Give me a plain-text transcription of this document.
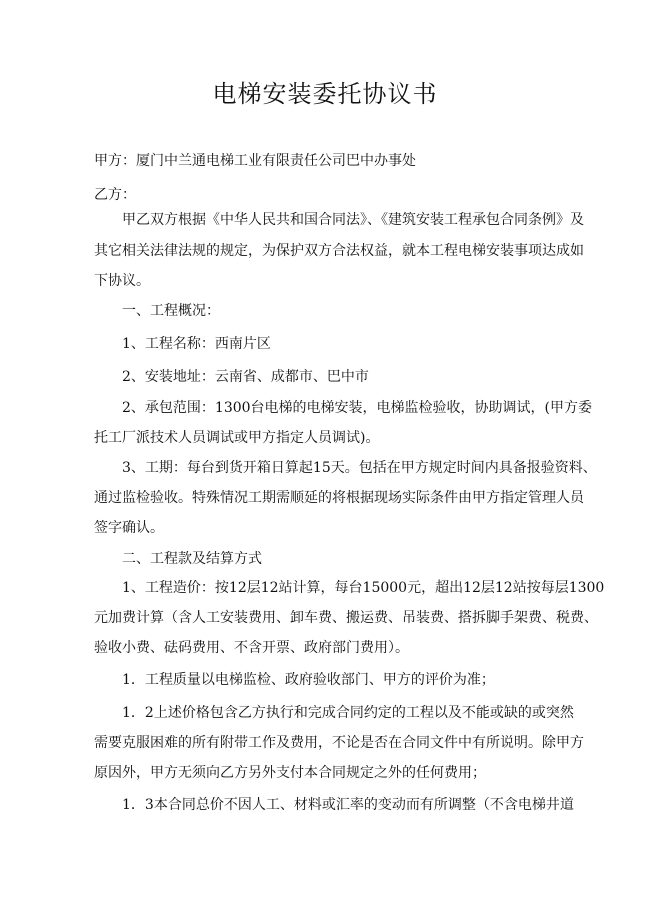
电梯安装委托协议书

甲方：厦门中兰通电梯工业有限责任公司巴中办事处

乙方：

甲乙双方根据《中华人民共和国合同法》、《建筑安装工程承包合同条例》及

其它相关法律法规的规定，为保护双方合法权益，就本工程电梯安装事项达成如

下协议。

一、工程概况：

1、工程名称：西南片区

2、安装地址：云南省、成都市、巴中市

2、承包范围：1300台电梯的电梯安装，电梯监检验收，协助调试，(甲方委

托工厂派技术人员调试或甲方指定人员调试)。

3、工期：每台到货开箱日算起15天。包括在甲方规定时间内具备报验资料、

通过监检验收。特殊情况工期需顺延的将根据现场实际条件由甲方指定管理人员

签字确认。

二、工程款及结算方式

1、工程造价：按12层12站计算，每台15000元，超出12层12站按每层1300

元加费计算（含人工安装费用、卸车费、搬运费、吊装费、搭拆脚手架费、税费、

验收小费、砝码费用、不含开票、政府部门费用）。

1．工程质量以电梯监检、政府验收部门、甲方的评价为准；

1．2上述价格包含乙方执行和完成合同约定的工程以及不能或缺的或突然

需要克服困难的所有附带工作及费用，不论是否在合同文件中有所说明。除甲方

原因外，甲方无须向乙方另外支付本合同规定之外的任何费用；

1．3本合同总价不因人工、材料或汇率的变动而有所调整（不含电梯井道
